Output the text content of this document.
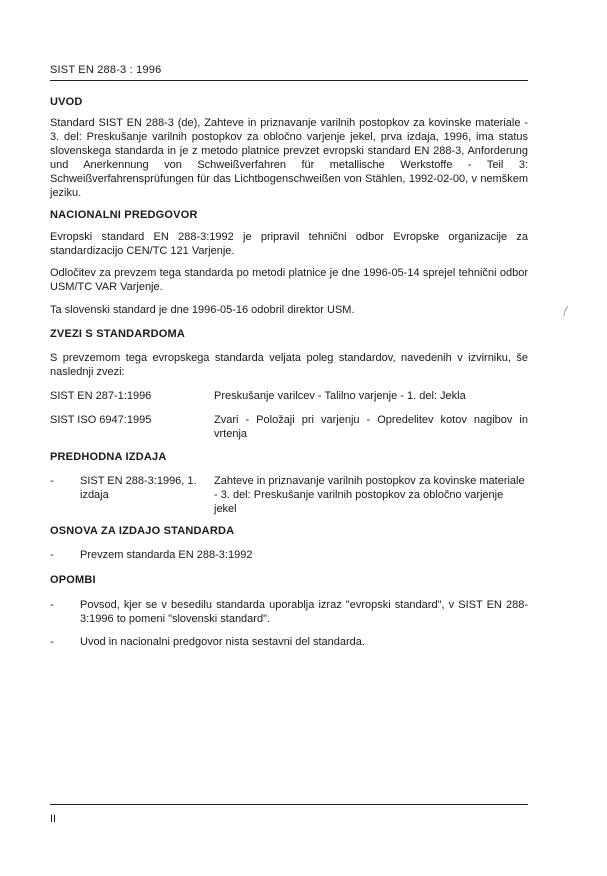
SIST EN 288-3 : 1996
UVOD

Standard SIST EN 288-3 (de), Zahteve in priznavanje varilnih postopkov za kovinske materiale - 3. del: Preskušanje varilnih postopkov za obločno varjenje jekel, prva izdaja, 1996, ima status slovenskega standarda in je z metodo platnice prevzet evropski standard EN 288-3, Anforderung und Anerkennung von Schweißverfahren für metallische Werkstoffe - Teil 3: Schweißverfahrensprüfungen für das Lichtbogenschweißen von Stählen, 1992-02-00, v nemškem jeziku.

NACIONALNI PREDGOVOR

Evropski standard EN 288-3:1992 je pripravil tehnični odbor Evropske organizacije za standardizacijo CEN/TC 121 Varjenje.

Odločitev za prevzem tega standarda po metodi platnice je dne 1996-05-14 sprejel tehnični odbor USM/TC VAR Varjenje.

Ta slovenski standard je dne 1996-05-16 odobril direktor USM.

ZVEZI S STANDARDOMA

S prevzemom tega evropskega standarda veljata poleg standardov, navedenih v izvirniku, še naslednji zvezi:

SIST EN 287-1:1996	Preskušanje varilcev - Talilno varjenje - 1. del: Jekla
SIST ISO 6947:1995	Zvari - Položaji pri varjenju - Opredelitev kotov nagibov in vrtenja
PREDHODNA IZDAJA
- SIST EN 288-3:1996, 1. izdaja
Zahteve in priznavanje varilnih postopkov za kovinske materiale - 3. del: Preskušanje varilnih postopkov za obločno varjenje jekel
OSNOVA ZA IZDAJO STANDARDA
- Prevzem standarda EN 288-3:1992
OPOMBI
- Povsod, kjer se v besedilu standarda uporablja izraz "evropski standard", v SIST EN 288-3:1996 to pomeni "slovenski standard".
- Uvod in nacionalni predgovor nista sestavni del standarda.
II
